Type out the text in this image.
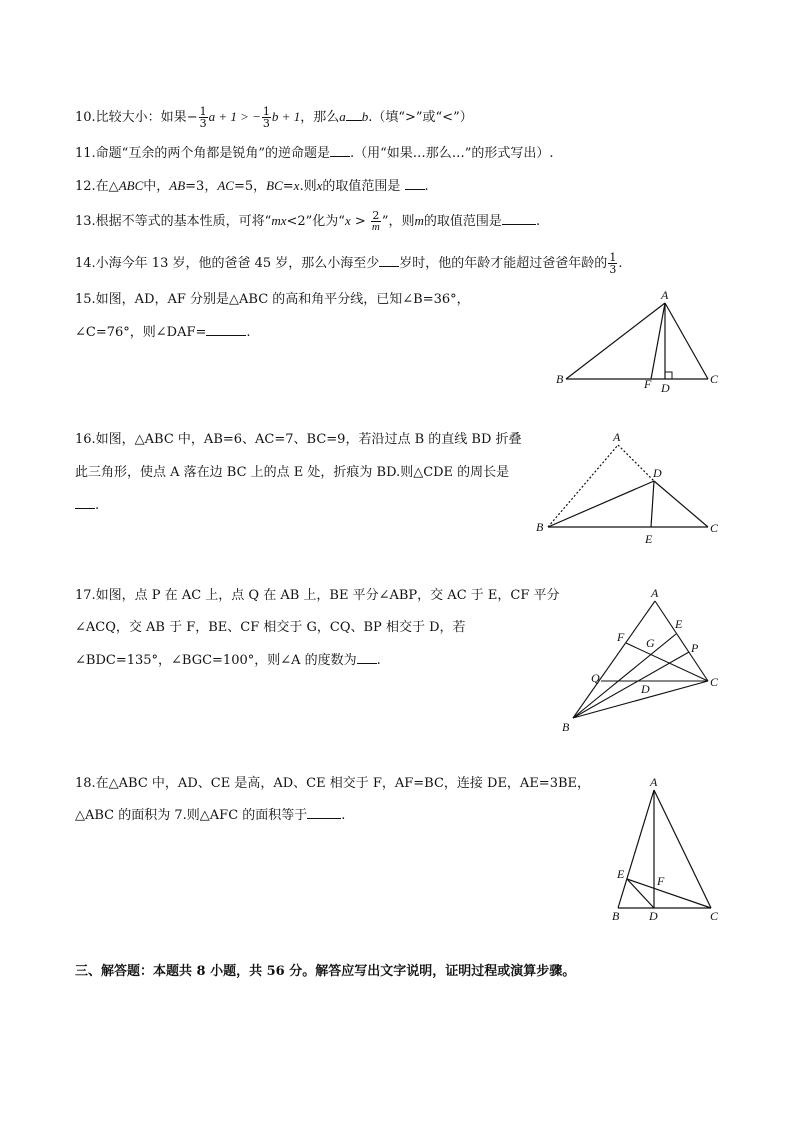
10.比较大小：如果− $\frac{1}{3}$ a + 1 > − $\frac{1}{3}$ b + 1，那么a b.（填“>”或“<”）
11.命题“互余的两个角都是锐角”的逆命题是 .（用“如果…那么…”的形式写出）.
12.在△ABC中，AB=3，AC=5，BC=x.则x的取值范围是 .
13.根据不等式的基本性质，可将“mx<2”化为“$x > \frac{2}{m}$ ”，则m的取值范围是	.
14.小海今年 13 岁，他的爸爸 45 岁，那么小海至少 岁时，他的年龄才能超过爸爸年龄的 $\frac{1}{3}$ .
15.如图，AD，AF 分别是△ABC 的高和角平分线，已知∠B=36°，
∠C=76°，则∠DAF=	.
A
B	C
D
F
16.如图，△ABC 中，AB=6、AC=7、BC=9，若沿过点 B 的直线 BD 折叠
此三角形，使点 A 落在边 BC 上的点 E 处，折痕为 BD.则△CDE 的周长是
.
A
B	C
D
E
17.如图，点 P 在 AC 上，点 Q 在 AB 上，BE 平分∠ABP，交 AC 于 E，CF 平分
∠ACQ，交 AB 于 F，BE、CF 相交于 G，CQ、BP 相交于 D，若
∠BDC=135°，∠BGC=100°，则∠A 的度数为 .
A
B
C
D
E
F G	P
Q
18.在△ABC 中，AD、CE 是高，AD、CE 相交于 F，AF=BC，连接 DE，AE=3BE，
△ABC 的面积为 7.则△AFC 的面积等于	.
A
B	C
D
E	F
三、解答题：本题共 8 小题，共 56 分。解答应写出文字说明，证明过程或演算步骤。
